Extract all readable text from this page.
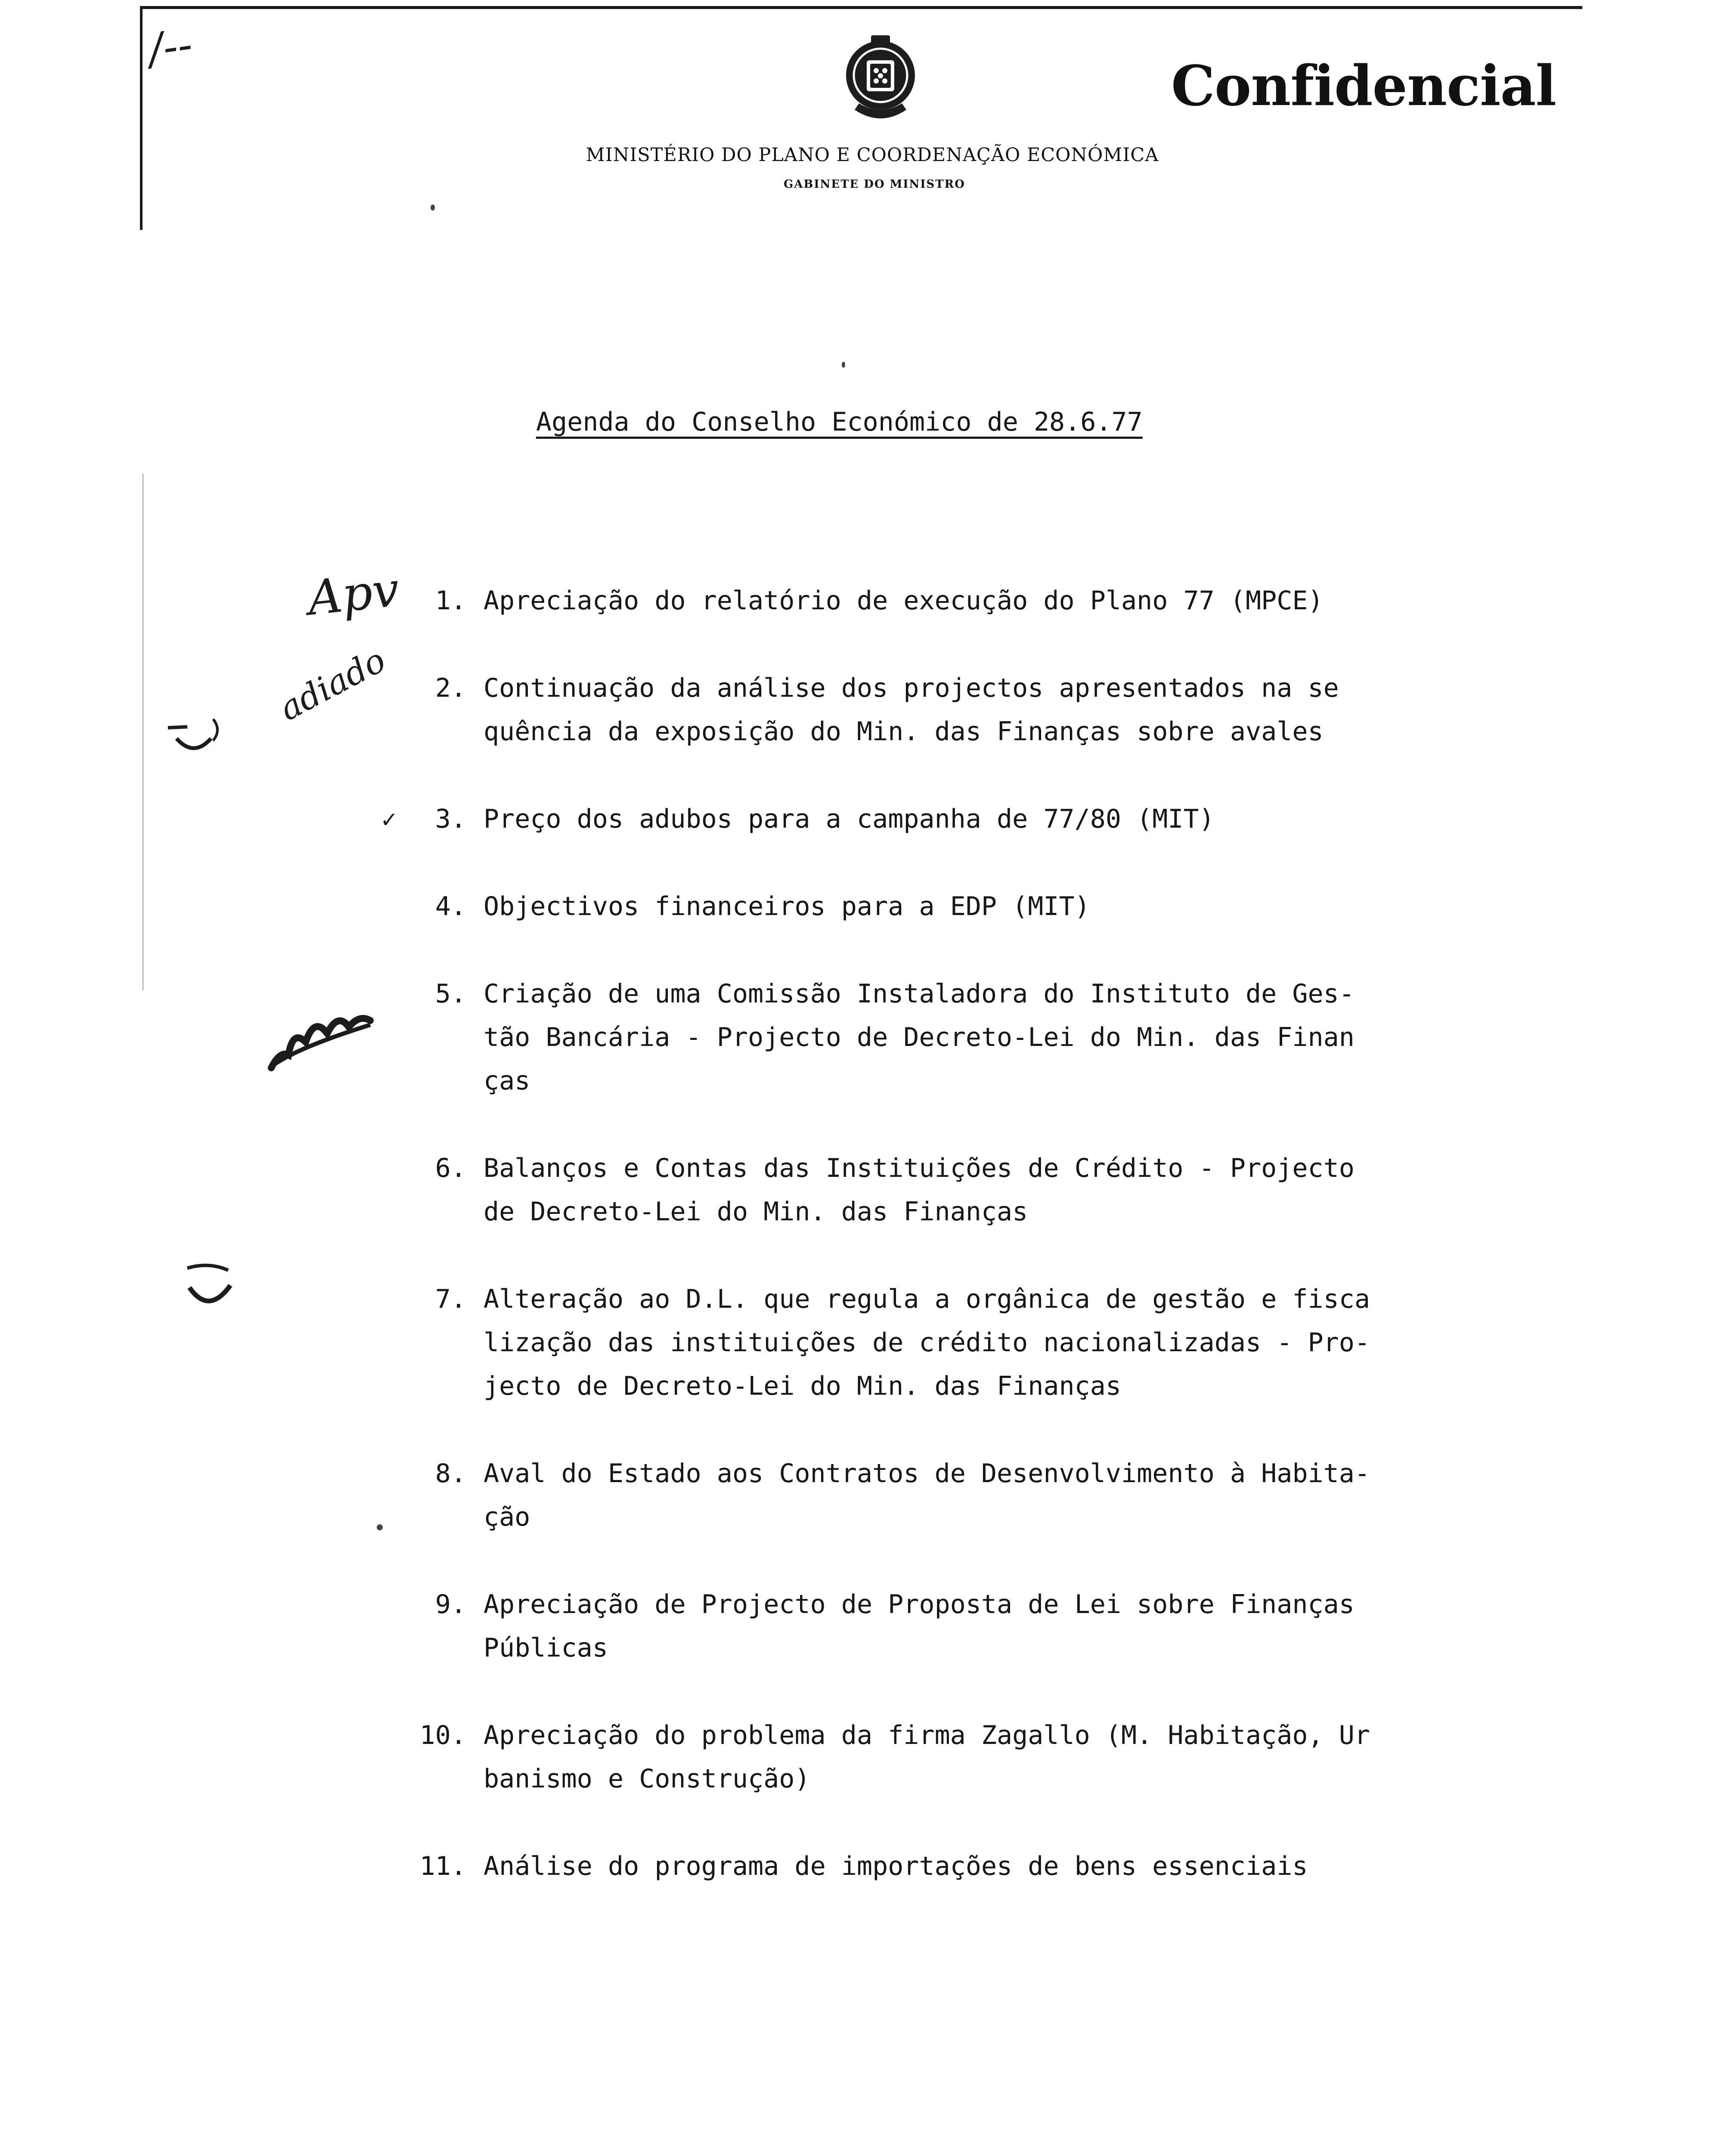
Confidencial
MINISTÉRIO DO PLANO E COORDENAÇÃO ECONÓMICA
GABINETE DO MINISTRO
Agenda do Conselho Económico de 28.6.77
1. Apreciação do relatório de execução do Plano 77 (MPCE)
2. Continuação da análise dos projectos apresentados na se
quência da exposição do Min. das Finanças sobre avales
3. Preço dos adubos para a campanha de 77/80 (MIT)
4. Objectivos financeiros para a EDP (MIT)
5. Criação de uma Comissão Instaladora do Instituto de Ges-
tão Bancária - Projecto de Decreto-Lei do Min. das Finan
ças
6. Balanços e Contas das Instituições de Crédito - Projecto
de Decreto-Lei do Min. das Finanças
7. Alteração ao D.L. que regula a orgânica de gestão e fisca
lização das instituições de crédito nacionalizadas - Pro-
jecto de Decreto-Lei do Min. das Finanças
8. Aval do Estado aos Contratos de Desenvolvimento à Habita-
ção
9. Apreciação de Projecto de Proposta de Lei sobre Finanças
Públicas
10. Apreciação do problema da firma Zagallo (M. Habitação, Ur
banismo e Construção)
11. Análise do programa de importações de bens essenciais
/--
Apv
adiado
✓
